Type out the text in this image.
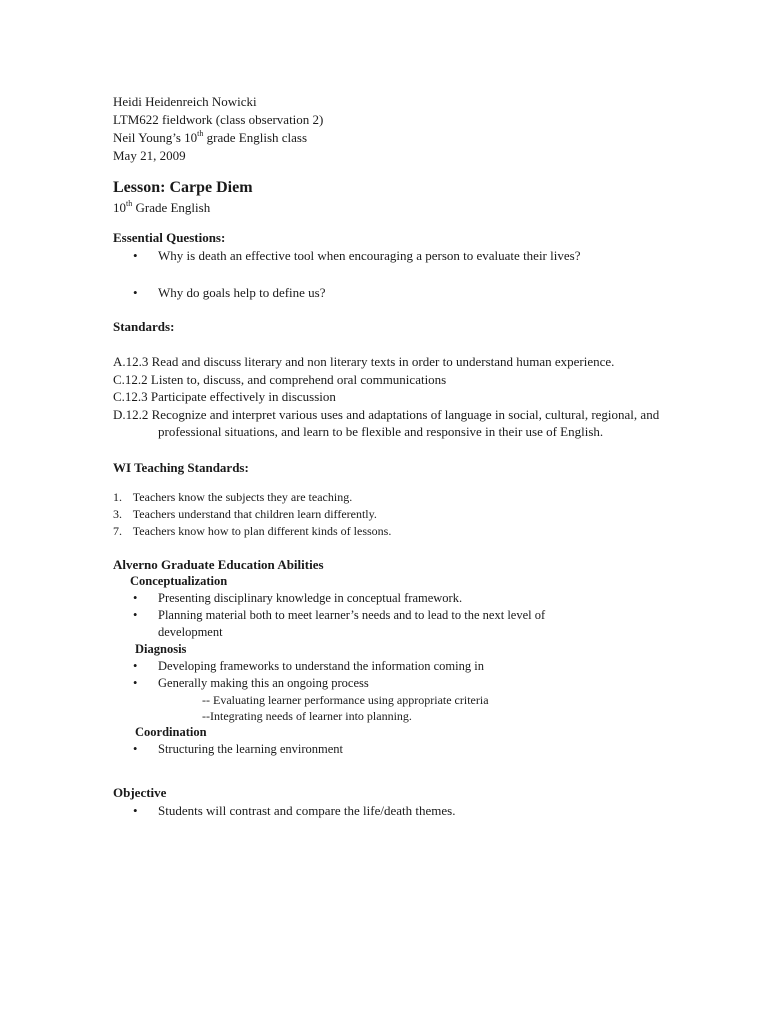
Heidi Heidenreich Nowicki
LTM622 fieldwork (class observation 2)
Neil Young’s 10th grade English class
May 21, 2009
Lesson: Carpe Diem
10th Grade English
Essential Questions:
• Why is death an effective tool when encouraging a person to evaluate their lives?
• Why do goals help to define us?
Standards:
A.12.3 Read and discuss literary and non literary texts in order to understand human experience.
C.12.2 Listen to, discuss, and comprehend oral communications
C.12.3 Participate effectively in discussion
D.12.2 Recognize and interpret various uses and adaptations of language in social, cultural, regional, and professional situations, and learn to be flexible and responsive in their use of English.
WI Teaching Standards:
1. Teachers know the subjects they are teaching.
3. Teachers understand that children learn differently.
7. Teachers know how to plan different kinds of lessons.
Alverno Graduate Education Abilities
Conceptualization
• Presenting disciplinary knowledge in conceptual framework.
• Planning material both to meet learner’s needs and to lead to the next level of development
Diagnosis
• Developing frameworks to understand the information coming in
• Generally making this an ongoing process
-- Evaluating learner performance using appropriate criteria
--Integrating needs of learner into planning.
Coordination
• Structuring the learning environment
Objective
• Students will contrast and compare the life/death themes.
